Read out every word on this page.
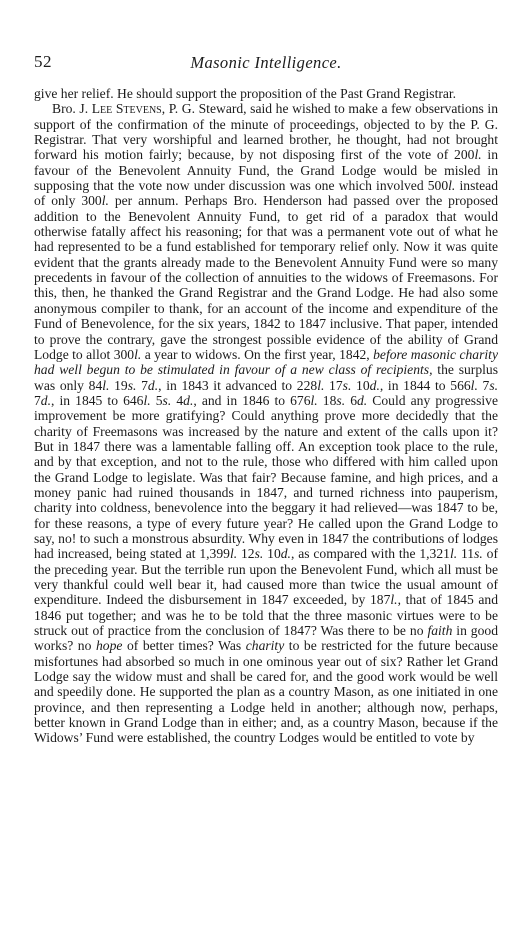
52	Masonic Intelligence.

give her relief. He should support the proposition of the Past Grand Registrar.

Bro. J. Lee Stevens, P. G. Steward, said he wished to make a few observations in support of the confirmation of the minute of proceedings, objected to by the P. G. Registrar. That very worshipful and learned brother, he thought, had not brought forward his motion fairly; because, by not disposing first of the vote of 200l. in favour of the Benevolent Annuity Fund, the Grand Lodge would be misled in supposing that the vote now under discussion was one which involved 500l. instead of only 300l. per annum. Perhaps Bro. Henderson had passed over the proposed addition to the Benevolent Annuity Fund, to get rid of a paradox that would otherwise fatally affect his reasoning; for that was a permanent vote out of what he had represented to be a fund established for temporary relief only. Now it was quite evident that the grants already made to the Benevolent Annuity Fund were so many precedents in favour of the collection of annuities to the widows of Freemasons. For this, then, he thanked the Grand Registrar and the Grand Lodge. He had also some anonymous compiler to thank, for an account of the income and expenditure of the Fund of Benevolence, for the six years, 1842 to 1847 inclusive. That paper, intended to prove the contrary, gave the strongest possible evidence of the ability of Grand Lodge to allot 300l. a year to widows. On the first year, 1842, before masonic charity had well begun to be stimulated in favour of a new class of recipients, the surplus was only 84l. 19s. 7d., in 1843 it advanced to 228l. 17s. 10d., in 1844 to 566l. 7s. 7d., in 1845 to 646l. 5s. 4d., and in 1846 to 676l. 18s. 6d. Could any progressive improvement be more gratifying? Could anything prove more decidedly that the charity of Freemasons was increased by the nature and extent of the calls upon it? But in 1847 there was a lamentable falling off. An exception took place to the rule, and by that exception, and not to the rule, those who differed with him called upon the Grand Lodge to legislate. Was that fair? Because famine, and high prices, and a money panic had ruined thousands in 1847, and turned richness into pauperism, charity into coldness, benevolence into the beggary it had relieved—was 1847 to be, for these reasons, a type of every future year? He called upon the Grand Lodge to say, no! to such a monstrous absurdity. Why even in 1847 the contributions of lodges had increased, being stated at 1,399l. 12s. 10d., as compared with the 1,321l. 11s. of the preceding year. But the terrible run upon the Benevolent Fund, which all must be very thankful could well bear it, had caused more than twice the usual amount of expenditure. Indeed the disbursement in 1847 exceeded, by 187l., that of 1845 and 1846 put together; and was he to be told that the three masonic virtues were to be struck out of practice from the conclusion of 1847? Was there to be no faith in good works? no hope of better times? Was charity to be restricted for the future because misfortunes had absorbed so much in one ominous year out of six? Rather let Grand Lodge say the widow must and shall be cared for, and the good work would be well and speedily done. He supported the plan as a country Mason, as one initiated in one province, and then representing a Lodge held in another; although now, perhaps, better known in Grand Lodge than in either; and, as a country Mason, because if the Widows’ Fund were established, the country Lodges would be entitled to vote by
